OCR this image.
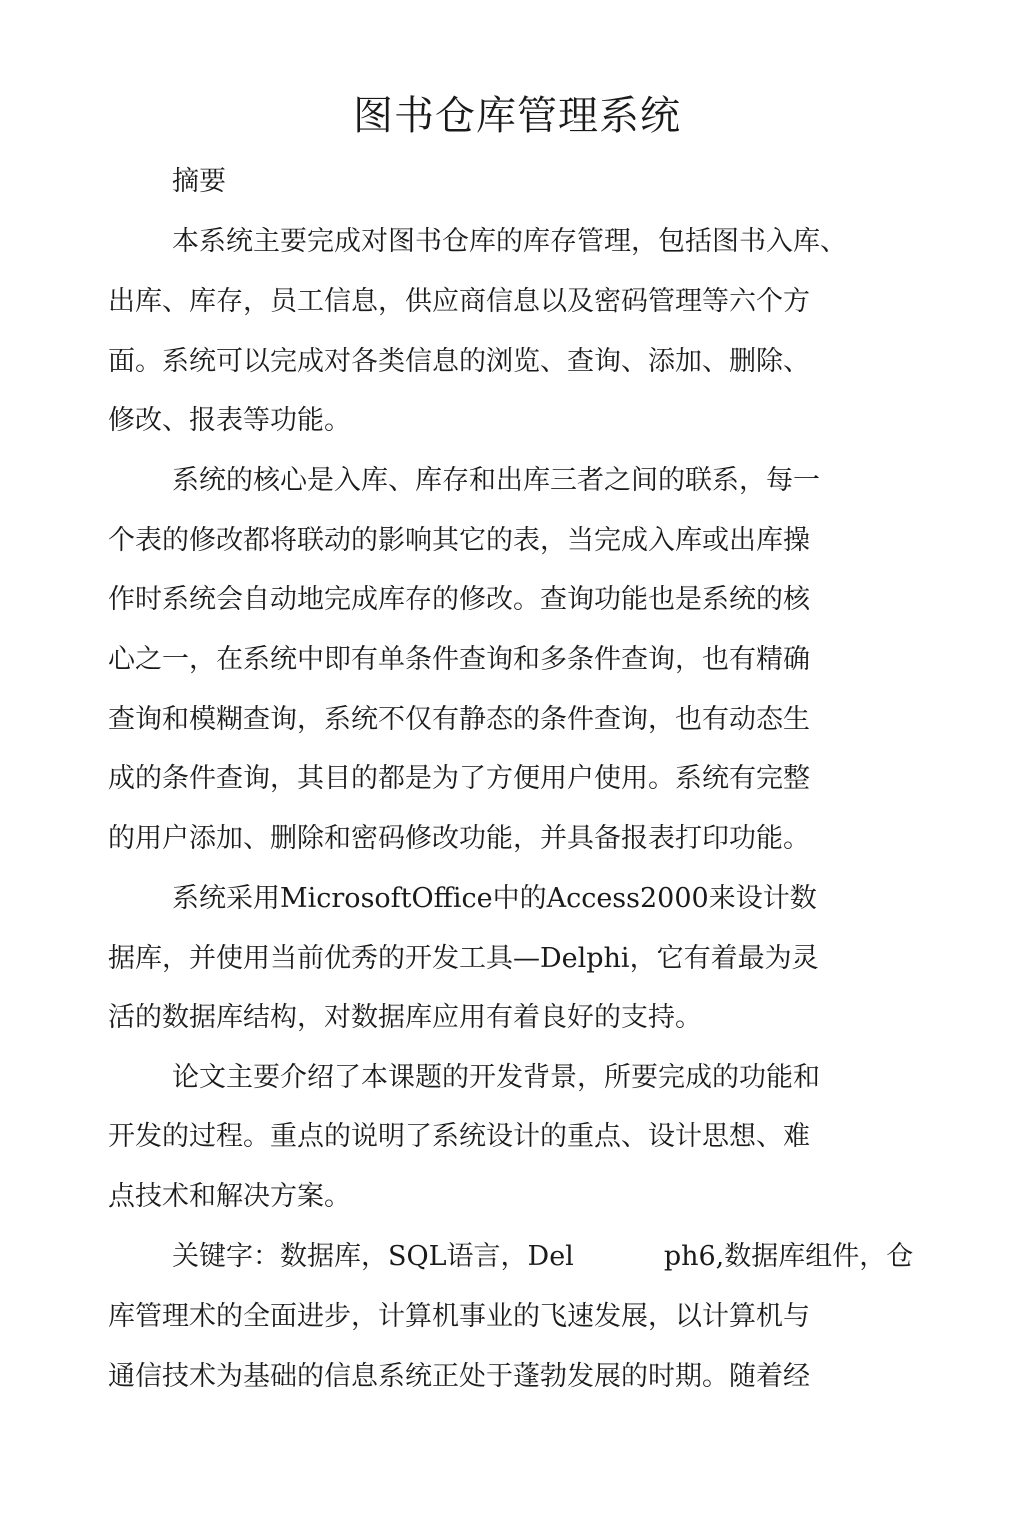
图书仓库管理系统
摘要
本系统主要完成对图书仓库的库存管理，包括图书入库、
出库、库存，员工信息，供应商信息以及密码管理等六个方
面。系统可以完成对各类信息的浏览、查询、添加、删除、
修改、报表等功能。
系统的核心是入库、库存和出库三者之间的联系，每一
个表的修改都将联动的影响其它的表，当完成入库或出库操
作时系统会自动地完成库存的修改。查询功能也是系统的核
心之一，在系统中即有单条件查询和多条件查询，也有精确
查询和模糊查询，系统不仅有静态的条件查询，也有动态生
成的条件查询，其目的都是为了方便用户使用。系统有完整
的用户添加、删除和密码修改功能，并具备报表打印功能。
系统采用MicrosoftOffice中的Access2000来设计数
据库，并使用当前优秀的开发工具—Delphi，它有着最为灵
活的数据库结构，对数据库应用有着良好的支持。
论文主要介绍了本课题的开发背景，所要完成的功能和
开发的过程。重点的说明了系统设计的重点、设计思想、难
点技术和解决方案。
关键字：数据库，SQL语言，Del	ph6,数据库组件，仓
库管理术的全面进步，计算机事业的飞速发展，以计算机与
通信技术为基础的信息系统正处于蓬勃发展的时期。随着经
